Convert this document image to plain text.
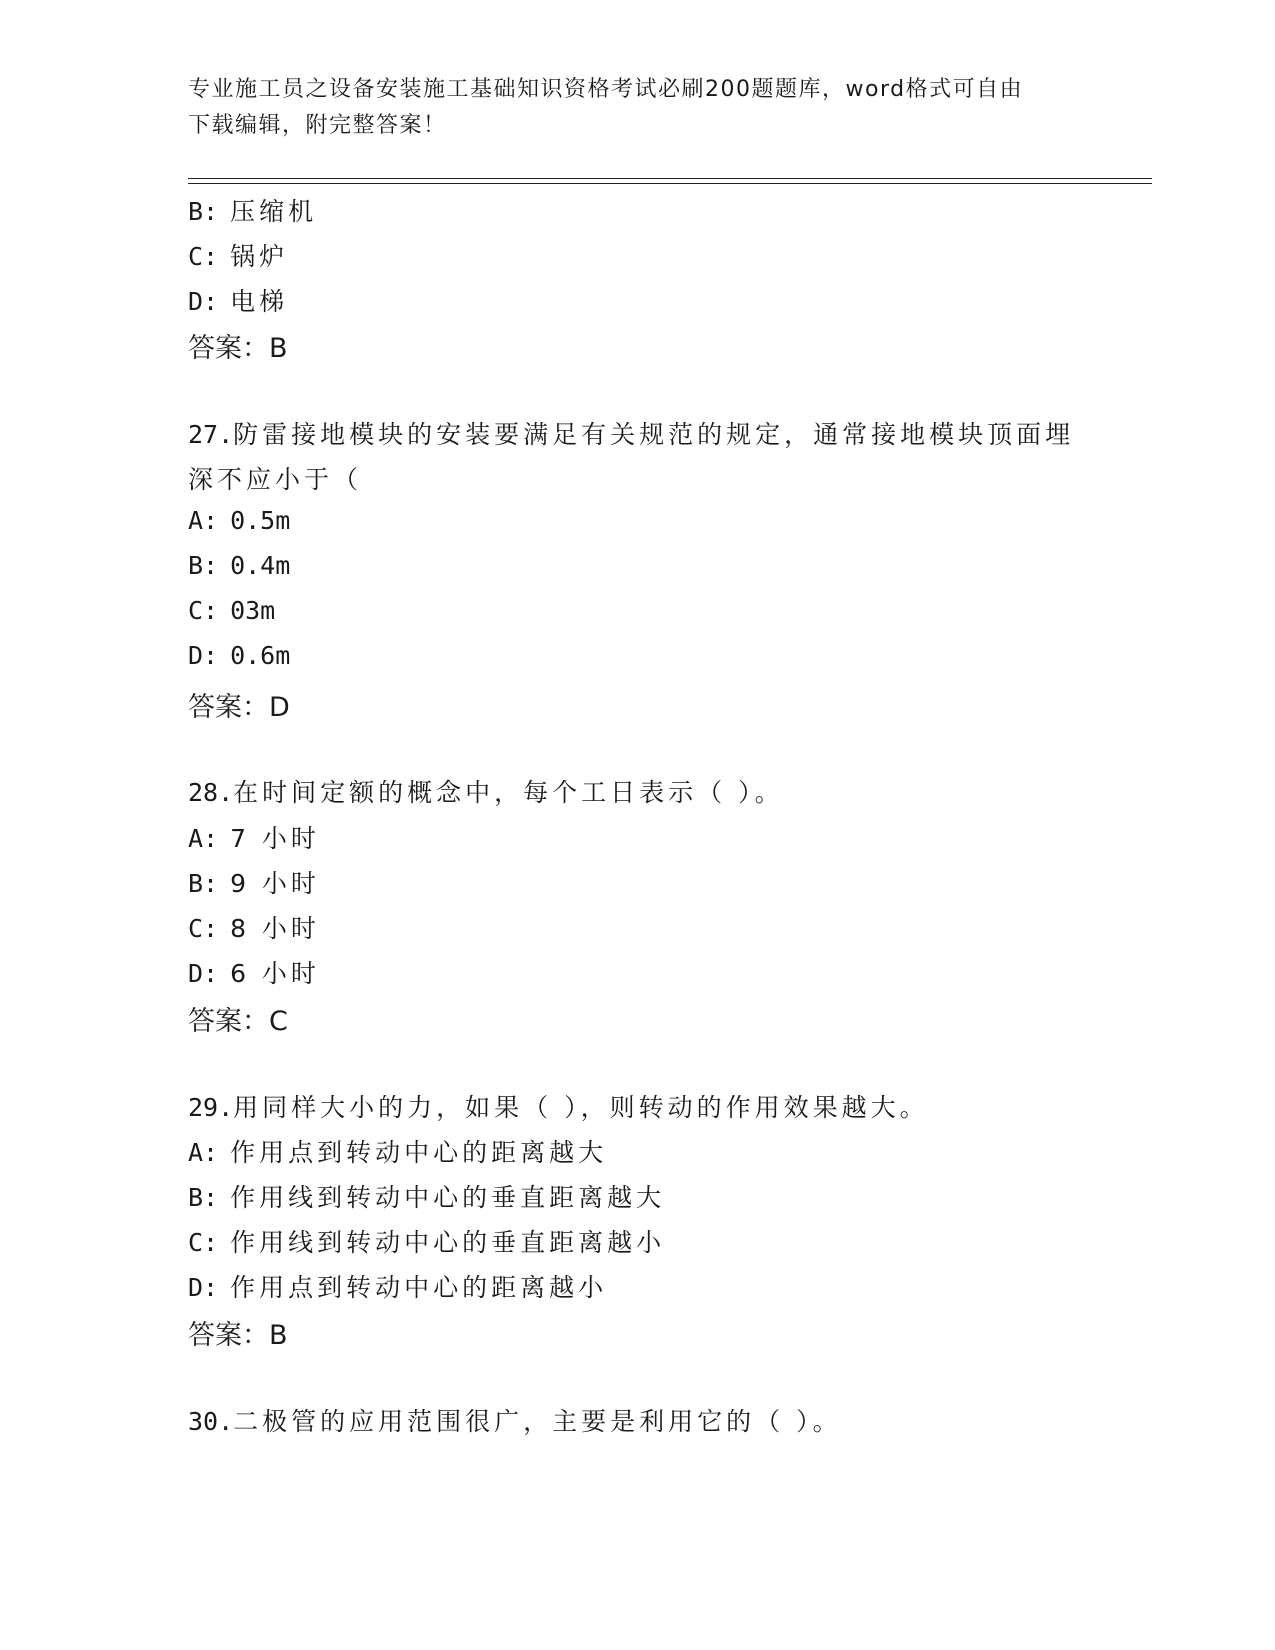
专业施工员之设备安装施工基础知识资格考试必刷200题题库，word格式可自由
下载编辑，附完整答案！
B: 压缩机
C: 锅炉
D: 电梯
答案：B
27.防雷接地模块的安装要满足有关规范的规定，通常接地模块顶面埋
深不应小于（
A: 0.5m
B: 0.4m
C: 03m
D: 0.6m
答案：D
28.在时间定额的概念中，每个工日表示（ ）。
A: 7 小时
B: 9 小时
C: 8 小时
D: 6 小时
答案：C
29.用同样大小的力，如果（ ），则转动的作用效果越大。
A: 作用点到转动中心的距离越大
B: 作用线到转动中心的垂直距离越大
C: 作用线到转动中心的垂直距离越小
D: 作用点到转动中心的距离越小
答案：B
30.二极管的应用范围很广，主要是利用它的（ ）。
